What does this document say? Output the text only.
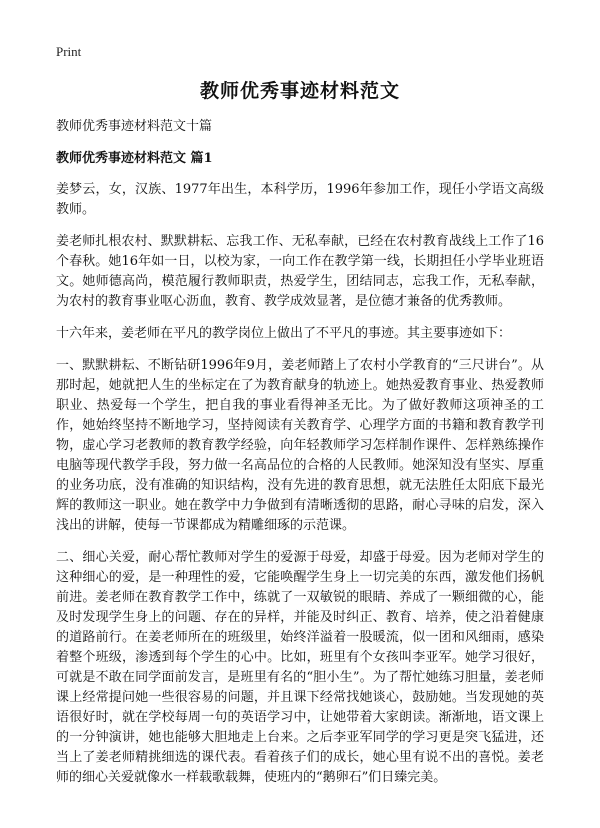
Print

教师优秀事迹材料范文

教师优秀事迹材料范文十篇

教师优秀事迹材料范文 篇1

姜梦云，女，汉族、1977年出生，本科学历，1996年参加工作，现任小学语文高级教师。

姜老师扎根农村、默默耕耘、忘我工作、无私奉献，已经在农村教育战线上工作了16个春秋。她16年如一日，以校为家，一向工作在教学第一线，长期担任小学毕业班语文。她师德高尚，模范履行教师职责，热爱学生，团结同志，忘我工作，无私奉献，为农村的教育事业呕心沥血，教育、教学成效显著，是位德才兼备的优秀教师。

十六年来，姜老师在平凡的教学岗位上做出了不平凡的事迹。其主要事迹如下：

一、默默耕耘、不断钻研1996年9月，姜老师踏上了农村小学教育的“三尺讲台”。从那时起，她就把人生的坐标定在了为教育献身的轨迹上。她热爱教育事业、热爱教师职业、热爱每一个学生，把自我的事业看得神圣无比。为了做好教师这项神圣的工作，她始终坚持不断地学习，坚持阅读有关教育学、心理学方面的书籍和教育教学刊物，虚心学习老教师的教育教学经验，向年轻教师学习怎样制作课件、怎样熟练操作电脑等现代教学手段，努力做一名高品位的合格的人民教师。她深知没有坚实、厚重的业务功底，没有准确的知识结构，没有先进的教育思想，就无法胜任太阳底下最光辉的教师这一职业。她在教学中力争做到有清晰透彻的思路，耐心寻味的启发，深入浅出的讲解，使每一节课都成为精雕细琢的示范课。

二、细心关爱，耐心帮忙教师对学生的爱源于母爱，却盛于母爱。因为老师对学生的这种细心的爱，是一种理性的爱，它能唤醒学生身上一切完美的东西，激发他们扬帆前进。姜老师在教育教学工作中，练就了一双敏锐的眼睛、养成了一颗细微的心，能及时发现学生身上的问题、存在的异样，并能及时纠正、教育、培养，使之沿着健康的道路前行。在姜老师所在的班级里，始终洋溢着一股暖流，似一团和风细雨，感染着整个班级，渗透到每个学生的心中。比如，班里有个女孩叫李亚军。她学习很好，可就是不敢在同学面前发言，是班里有名的“胆小生”。为了帮忙她练习胆量，姜老师课上经常提问她一些很容易的问题，并且课下经常找她谈心，鼓励她。当发现她的英语很好时，就在学校每周一句的英语学习中，让她带着大家朗读。渐渐地，语文课上的一分钟演讲，她也能够大胆地走上台来。之后李亚军同学的学习更是突飞猛进，还当上了姜老师精挑细选的课代表。看着孩子们的成长，她心里有说不出的喜悦。姜老师的细心关爱就像水一样载歌载舞，使班内的“鹅卵石”们日臻完美。
